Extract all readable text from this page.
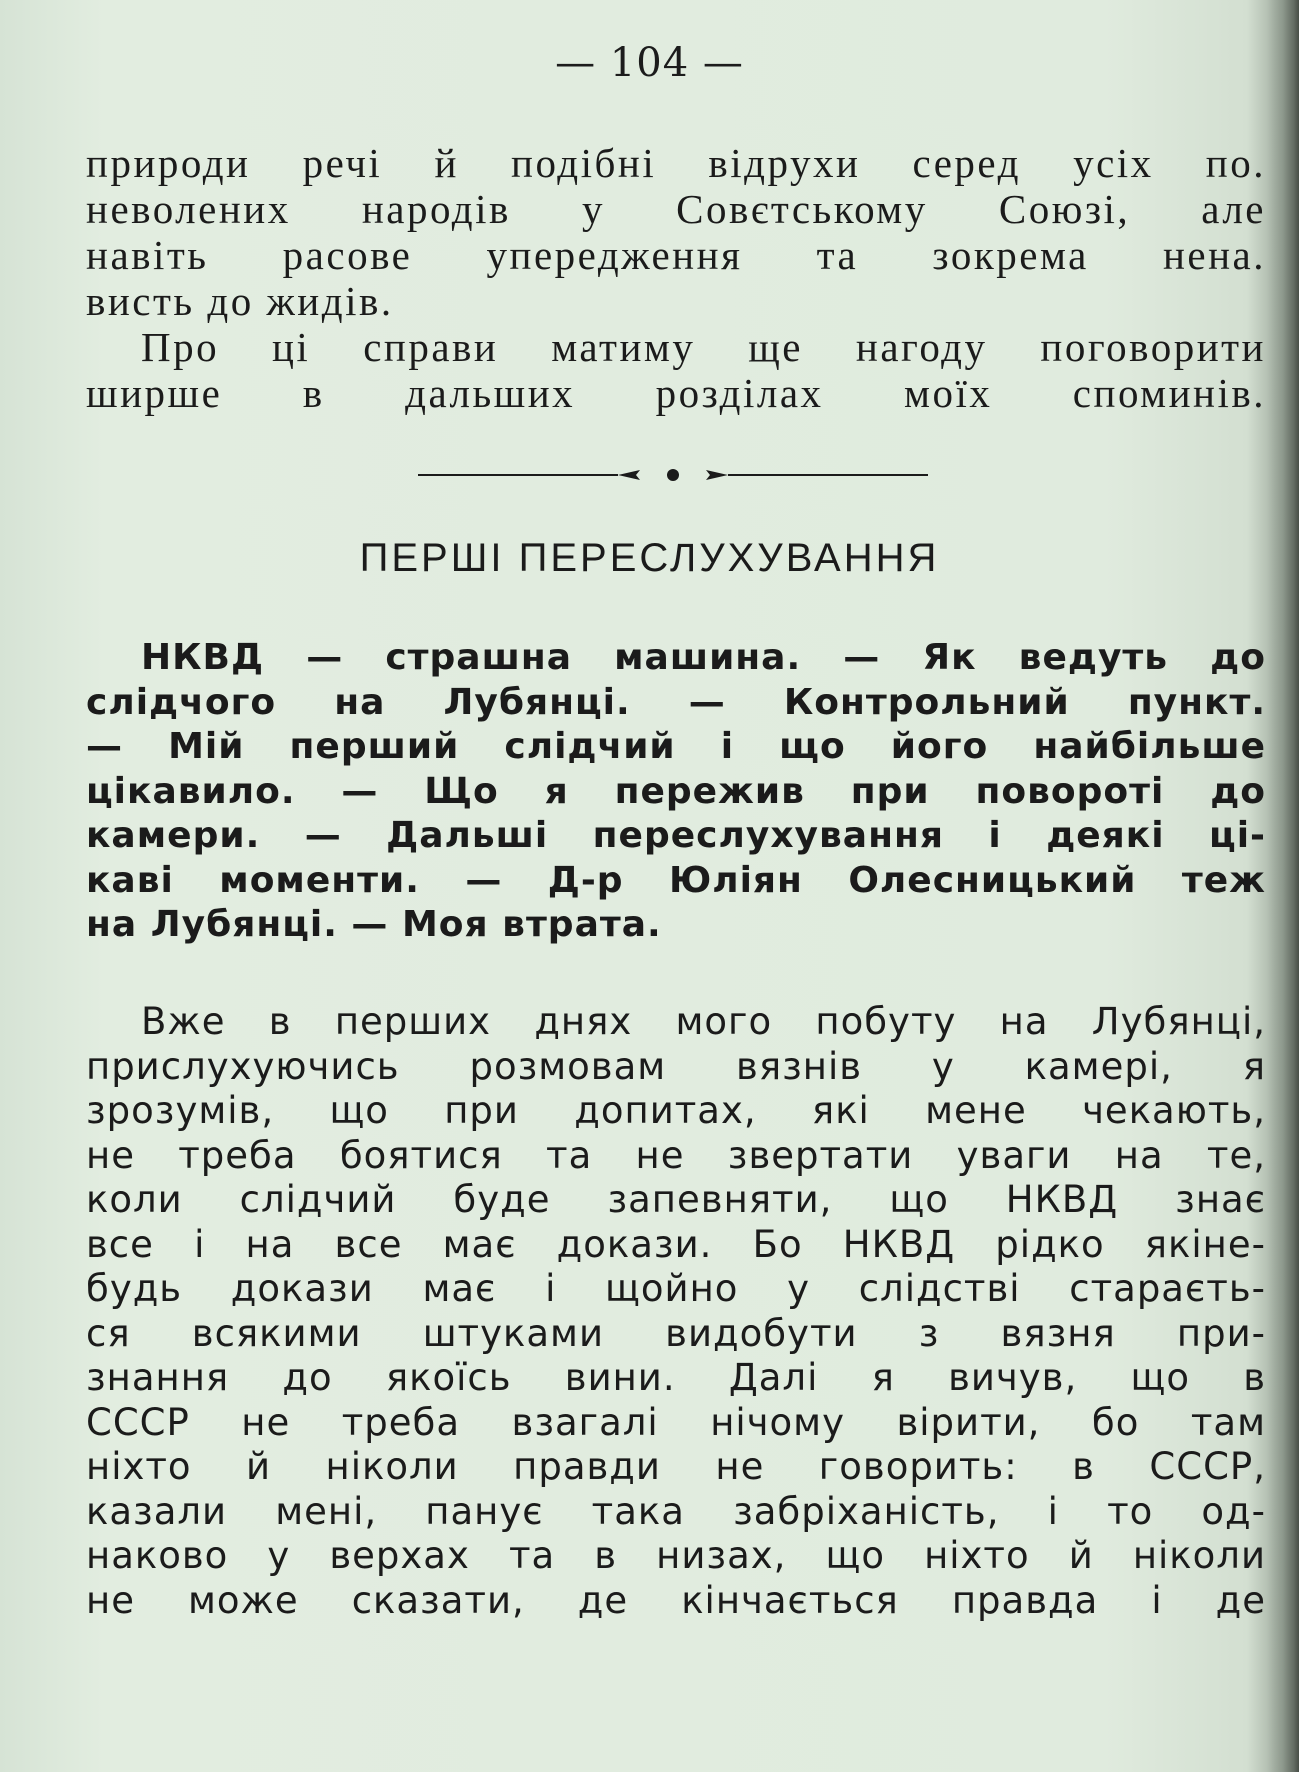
— 104 —
природи речі й подібні відрухи серед усіх по.
неволених народів у Совєтському Союзі, але
навіть расове упередження та зокрема нена.
висть до жидів.
Про ці справи матиму ще нагоду поговорити
ширше в дальших розділах моїх споминів.
ПЕРШІ ПЕРЕСЛУХУВАННЯ
НКВД — страшна машина. — Як ведуть до
слідчого на Лубянці. — Контрольний пункт.
— Мій перший слідчий і що його найбільше
цікавило. — Що я пережив при повороті до
камери. — Дальші переслухування і деякі ці-
каві моменти. — Д-р Юліян Олесницький теж
на Лубянці. — Моя втрата.
Вже в перших днях мого побуту на Лубянці,
прислухуючись розмовам вязнів у камері, я
зрозумів, що при допитах, які мене чекають,
не треба боятися та не звертати уваги на те,
коли слідчий буде запевняти, що НКВД знає
все і на все має докази. Бо НКВД рідко якіне-
будь докази має і щойно у слідстві стараєть-
ся всякими штуками видобути з вязня при-
знання до якоїсь вини. Далі я вичув, що в
СССР не треба взагалі нічому вірити, бо там
ніхто й ніколи правди не говорить: в СССР,
казали мені, панує така забріханість, і то од-
наково у верхах та в низах, що ніхто й ніколи
не може сказати, де кінчається правда і де
